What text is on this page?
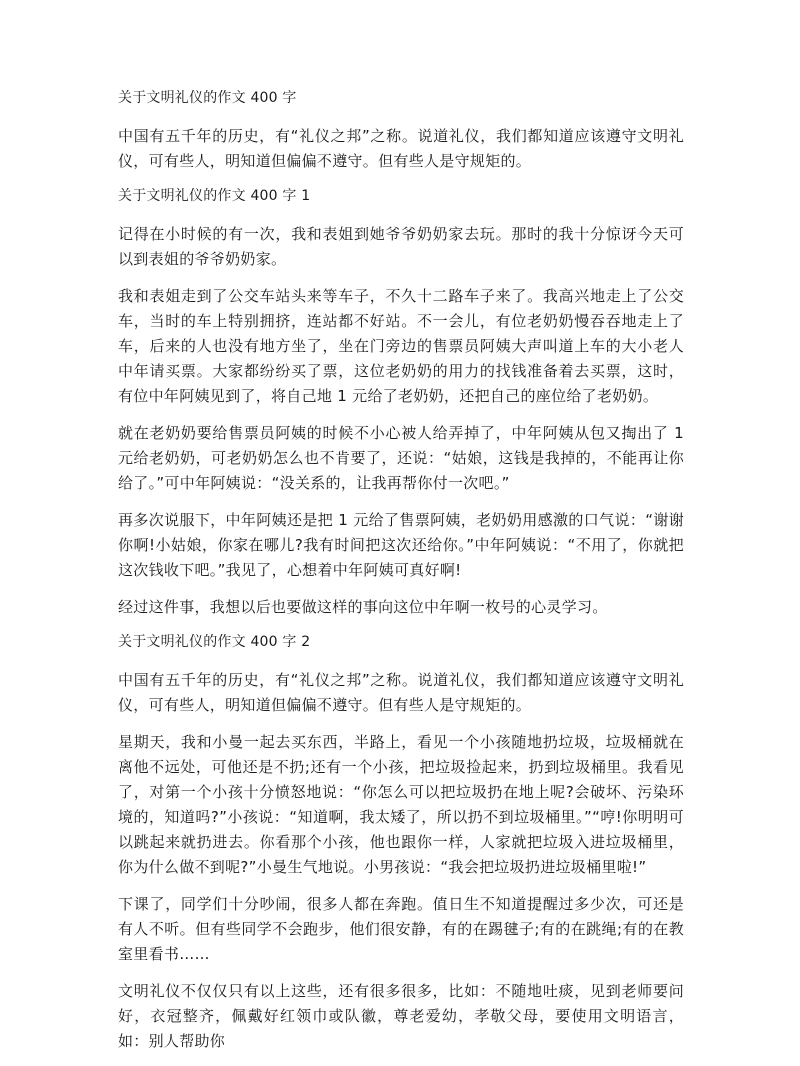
关于文明礼仪的作文 400 字

中国有五千年的历史，有“礼仪之邦”之称。说道礼仪，我们都知道应该遵守文明礼仪，可有些人，明知道但偏偏不遵守。但有些人是守规矩的。

关于文明礼仪的作文 400 字 1

记得在小时候的有一次，我和表姐到她爷爷奶奶家去玩。那时的我十分惊讶今天可以到表姐的爷爷奶奶家。

我和表姐走到了公交车站头来等车子，不久十二路车子来了。我高兴地走上了公交车，当时的车上特别拥挤，连站都不好站。不一会儿，有位老奶奶慢吞吞地走上了车，后来的人也没有地方坐了，坐在门旁边的售票员阿姨大声叫道上车的大小老人中年请买票。大家都纷纷买了票，这位老奶奶的用力的找钱准备着去买票，这时，有位中年阿姨见到了，将自己地 1 元给了老奶奶，还把自己的座位给了老奶奶。

就在老奶奶要给售票员阿姨的时候不小心被人给弄掉了，中年阿姨从包又掏出了 1 元给老奶奶，可老奶奶怎么也不肯要了，还说：“姑娘，这钱是我掉的，不能再让你给了。”可中年阿姨说：“没关系的，让我再帮你付一次吧。”

再多次说服下，中年阿姨还是把 1 元给了售票阿姨，老奶奶用感激的口气说：“谢谢你啊!小姑娘，你家在哪儿?我有时间把这次还给你。”中年阿姨说：“不用了，你就把这次钱收下吧。”我见了，心想着中年阿姨可真好啊!

经过这件事，我想以后也要做这样的事向这位中年啊一枚号的心灵学习。

关于文明礼仪的作文 400 字 2

中国有五千年的历史，有“礼仪之邦”之称。说道礼仪，我们都知道应该遵守文明礼仪，可有些人，明知道但偏偏不遵守。但有些人是守规矩的。

星期天，我和小曼一起去买东西，半路上，看见一个小孩随地扔垃圾，垃圾桶就在离他不远处，可他还是不扔;还有一个小孩，把垃圾捡起来，扔到垃圾桶里。我看见了，对第一个小孩十分愤怒地说：“你怎么可以把垃圾扔在地上呢?会破坏、污染环境的，知道吗?”小孩说：“知道啊，我太矮了，所以扔不到垃圾桶里。”“哼!你明明可以跳起来就扔进去。你看那个小孩，他也跟你一样，人家就把垃圾入进垃圾桶里，你为什么做不到呢?”小曼生气地说。小男孩说：“我会把垃圾扔进垃圾桶里啦!”

下课了，同学们十分吵闹，很多人都在奔跑。值日生不知道提醒过多少次，可还是有人不听。但有些同学不会跑步，他们很安静，有的在踢毽子;有的在跳绳;有的在教室里看书……

文明礼仪不仅仅只有以上这些，还有很多很多，比如：不随地吐痰，见到老师要问好，衣冠整齐，佩戴好红领巾或队徽，尊老爱幼，孝敬父母，要使用文明语言，如：别人帮助你
